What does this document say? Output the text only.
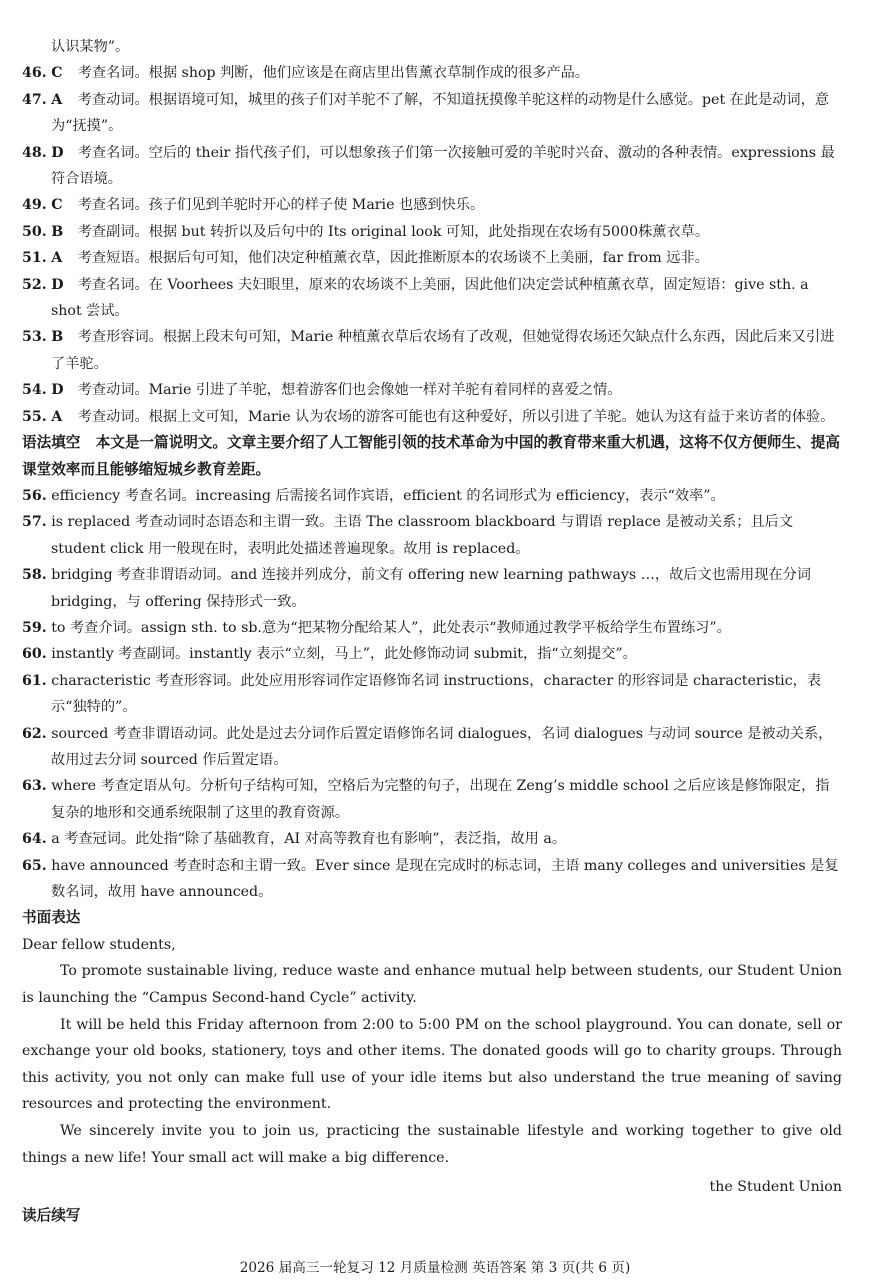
认识某物”。
46. C 考查名词。根据 shop 判断，他们应该是在商店里出售薰衣草制作成的很多产品。
47. A 考查动词。根据语境可知，城里的孩子们对羊驼不了解，不知道抚摸像羊驼这样的动物是什么感觉。pet 在此是动词，意为“抚摸”。
48. D 考查名词。空后的 their 指代孩子们，可以想象孩子们第一次接触可爱的羊驼时兴奋、激动的各种表情。expressions 最符合语境。
49. C 考查名词。孩子们见到羊驼时开心的样子使 Marie 也感到快乐。
50. B 考查副词。根据 but 转折以及后句中的 Its original look 可知，此处指现在农场有5000株薰衣草。
51. A 考查短语。根据后句可知，他们决定种植薰衣草，因此推断原本的农场谈不上美丽，far from 远非。
52. D 考查名词。在 Voorhees 夫妇眼里，原来的农场谈不上美丽，因此他们决定尝试种植薰衣草，固定短语：give sth. a shot 尝试。
53. B 考查形容词。根据上段末句可知，Marie 种植薰衣草后农场有了改观，但她觉得农场还欠缺点什么东西，因此后来又引进了羊驼。
54. D 考查动词。Marie 引进了羊驼，想着游客们也会像她一样对羊驼有着同样的喜爱之情。
55. A 考查动词。根据上文可知，Marie 认为农场的游客可能也有这种爱好，所以引进了羊驼。她认为这有益于来访者的体验。
语法填空 本文是一篇说明文。文章主要介绍了人工智能引领的技术革命为中国的教育带来重大机遇，这将不仅方便师生、提高课堂效率而且能够缩短城乡教育差距。
56. efficiency 考查名词。increasing 后需接名词作宾语，efficient 的名词形式为 efficiency，表示“效率”。
57. is replaced 考查动词时态语态和主谓一致。主语 The classroom blackboard 与谓语 replace 是被动关系；且后文 student click 用一般现在时，表明此处描述普遍现象。故用 is replaced。
58. bridging 考查非谓语动词。and 连接并列成分，前文有 offering new learning pathways …，故后文也需用现在分词 bridging，与 offering 保持形式一致。
59. to 考查介词。assign sth. to sb.意为“把某物分配给某人”，此处表示“教师通过教学平板给学生布置练习”。
60. instantly 考查副词。instantly 表示“立刻，马上”，此处修饰动词 submit，指“立刻提交”。
61. characteristic 考查形容词。此处应用形容词作定语修饰名词 instructions，character 的形容词是 characteristic，表示“独特的”。
62. sourced 考查非谓语动词。此处是过去分词作后置定语修饰名词 dialogues，名词 dialogues 与动词 source 是被动关系，故用过去分词 sourced 作后置定语。
63. where 考查定语从句。分析句子结构可知，空格后为完整的句子，出现在 Zeng’s middle school 之后应该是修饰限定，指复杂的地形和交通系统限制了这里的教育资源。
64. a 考查冠词。此处指“除了基础教育，AI 对高等教育也有影响”，表泛指，故用 a。
65. have announced 考查时态和主谓一致。Ever since 是现在完成时的标志词，主语 many colleges and universities 是复数名词，故用 have announced。
书面表达

Dear fellow students,

To promote sustainable living, reduce waste and enhance mutual help between students, our Student Union is launching the “Campus Second-hand Cycle” activity.

It will be held this Friday afternoon from 2:00 to 5:00 PM on the school playground. You can donate, sell or exchange your old books, stationery, toys and other items. The donated goods will go to charity groups. Through this activity, you not only can make full use of your idle items but also understand the true meaning of saving resources and protecting the environment.

We sincerely invite you to join us, practicing the sustainable lifestyle and working together to give old things a new life! Your small act will make a big difference.

the Student Union

读后续写
2026 届高三一轮复习 12 月质量检测 英语答案 第 3 页(共 6 页)
